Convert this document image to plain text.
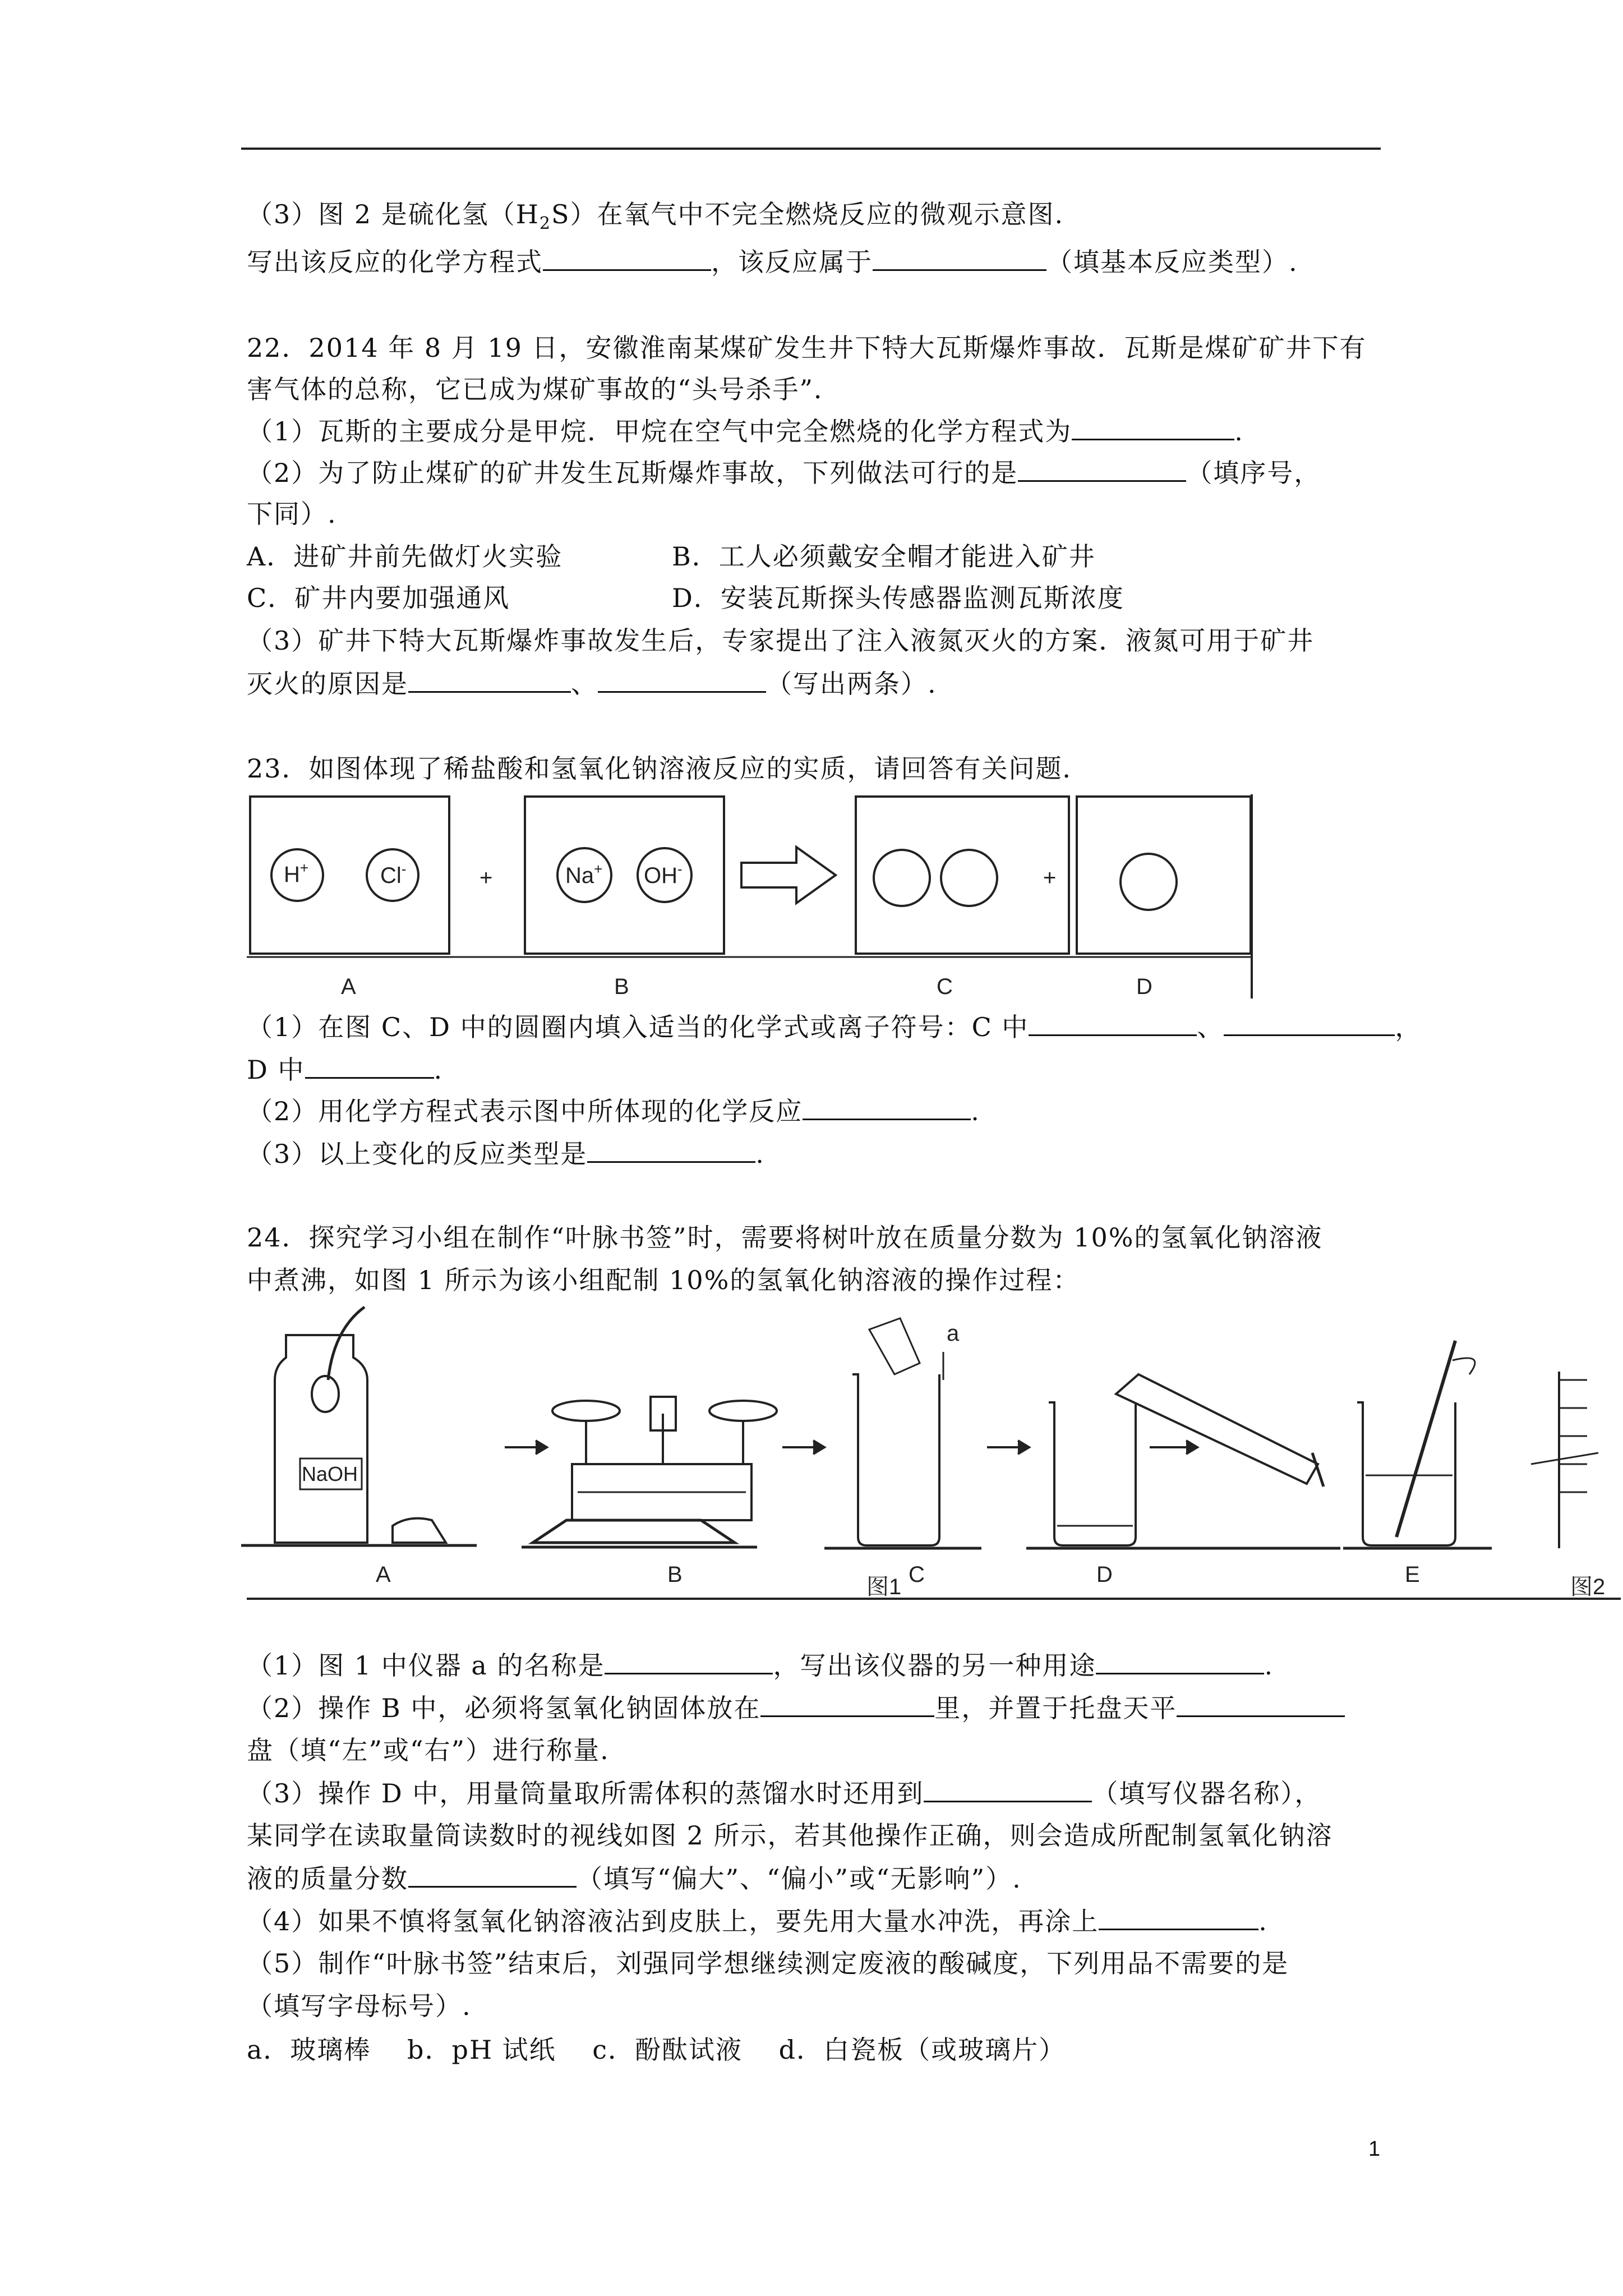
（3）图 2 是硫化氢$(H_2S)$在氧气中不完全燃烧反应的微观示意图.
写出该反应的化学方程式	，该反应属于	（填基本反应类型）.
22．2014 年 8 月 19 日，安徽淮南某煤矿发生井下特大瓦斯爆炸事故．瓦斯是煤矿矿井下有
害气体的总称，它已成为煤矿事故的“头号杀手”．
（1）瓦斯的主要成分是甲烷．甲烷在空气中完全燃烧的化学方程式为	.
（2）为了防止煤矿的矿井发生瓦斯爆炸事故，下列做法可行的是	（填序号，
下同）.
A．进矿井前先做灯火实验	B．工人必须戴安全帽才能进入矿井
C．矿井内要加强通风	D．安装瓦斯探头传感器监测瓦斯浓度
（3）矿井下特大瓦斯爆炸事故发生后，专家提出了注入液氮灭火的方案．液氮可用于矿井
灭火的原因是	、	（写出两条）.
23．如图体现了稀盐酸和氢氧化钠溶液反应的实质，请回答有关问题．
H+	Cl-	Na+ OH-
+	+
A	B	C	D
（1）在图 C、D 中的圆圈内填入适当的化学式或离子符号：C 中	、	，
D 中	.
（2）用化学方程式表示图中所体现的化学反应	.
（3）以上变化的反应类型是	.
24．探究学习小组在制作“叶脉书签”时，需要将树叶放在质量分数为 10%的氢氧化钠溶液
中煮沸，如图 1 所示为该小组配制 10%的氢氧化钠溶液的操作过程：
NaOH
a
A	B	C	D	E
图1	图2
（1）图 1 中仪器 a 的名称是	，写出该仪器的另一种用途	.
（2）操作 B 中，必须将氢氧化钠固体放在	里，并置于托盘天平
盘（填“左”或“右”）进行称量.
（3）操作 D 中，用量筒量取所需体积的蒸馏水时还用到	（填写仪器名称），
某同学在读取量筒读数时的视线如图 2 所示，若其他操作正确，则会造成所配制氢氧化钠溶
液的质量分数	（填写“偏大”、“偏小”或“无影响”）.
（4）如果不慎将氢氧化钠溶液沾到皮肤上，要先用大量水冲洗，再涂上	.
（5）制作“叶脉书签”结束后，刘强同学想继续测定废液的酸碱度，下列用品不需要的是
（填写字母标号）.
a．玻璃棒　 b．pH 试纸　 c．酚酞试液　 d．白瓷板（或玻璃片）
1
